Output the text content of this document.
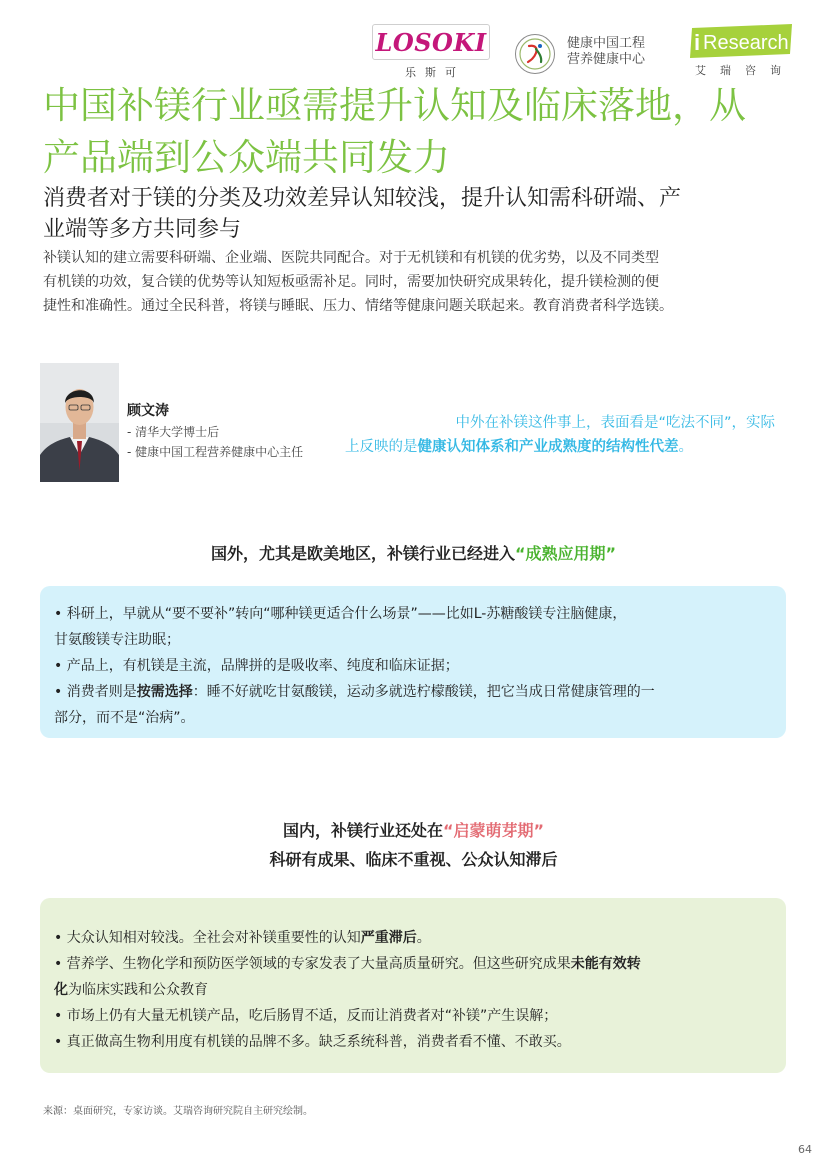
LOSOKI
乐斯可
健康中国工程
营养健康中心
i Research
艾瑞咨询
中国补镁行业亟需提升认知及临床落地，从
产品端到公众端共同发力
消费者对于镁的分类及功效差异认知较浅，提升认知需科研端、产
业端等多方共同参与
补镁认知的建立需要科研端、企业端、医院共同配合。对于无机镁和有机镁的优劣势，以及不同类型
有机镁的功效，复合镁的优势等认知短板亟需补足。同时，需要加快研究成果转化，提升镁检测的便
捷性和准确性。通过全民科普，将镁与睡眠、压力、情绪等健康问题关联起来。教育消费者科学选镁。
顾文涛
- 清华大学博士后
- 健康中国工程营养健康中心主任
中外在补镁这件事上，表面看是“吃法不同”，实际
上反映的是健康认知体系和产业成熟度的结构性代差。
国外，尤其是欧美地区，补镁行业已经进入“成熟应用期”
• 科研上，早就从“要不要补”转向“哪种镁更适合什么场景”——比如L-苏糖酸镁专注脑健康，
甘氨酸镁专注助眠；
• 产品上，有机镁是主流，品牌拼的是吸收率、纯度和临床证据；
• 消费者则是按需选择：睡不好就吃甘氨酸镁，运动多就选柠檬酸镁，把它当成日常健康管理的一
部分，而不是“治病”。
国内，补镁行业还处在“启蒙萌芽期”
科研有成果、临床不重视、公众认知滞后
• 大众认知相对较浅。全社会对补镁重要性的认知严重滞后。
• 营养学、生物化学和预防医学领域的专家发表了大量高质量研究。但这些研究成果未能有效转
化为临床实践和公众教育
• 市场上仍有大量无机镁产品，吃后肠胃不适，反而让消费者对“补镁”产生误解；
• 真正做高生物利用度有机镁的品牌不多。缺乏系统科普，消费者看不懂、不敢买。
来源：桌面研究，专家访谈。艾瑞咨询研究院自主研究绘制。
64
